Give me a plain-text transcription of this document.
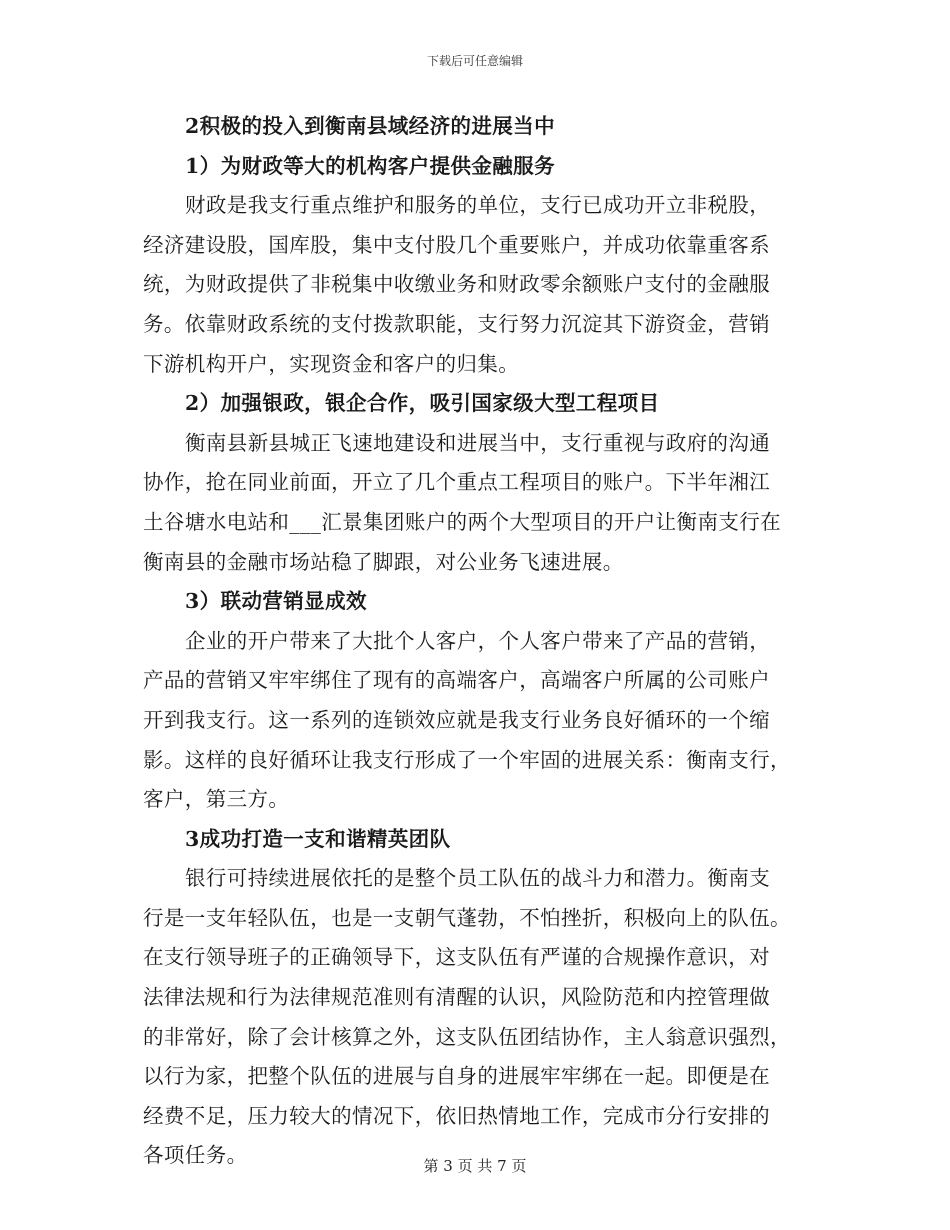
下载后可任意编辑
2积极的投入到衡南县域经济的进展当中
1）为财政等大的机构客户提供金融服务
财政是我支行重点维护和服务的单位，支行已成功开立非税股，
经济建设股，国库股，集中支付股几个重要账户，并成功依靠重客系
统，为财政提供了非税集中收缴业务和财政零余额账户支付的金融服
务。依靠财政系统的支付拨款职能，支行努力沉淀其下游资金，营销
下游机构开户，实现资金和客户的归集。
2）加强银政，银企合作，吸引国家级大型工程项目
衡南县新县城正飞速地建设和进展当中，支行重视与政府的沟通
协作，抢在同业前面，开立了几个重点工程项目的账户。下半年湘江
土谷塘水电站和___汇景集团账户的两个大型项目的开户让衡南支行在
衡南县的金融市场站稳了脚跟，对公业务飞速进展。
3）联动营销显成效
企业的开户带来了大批个人客户，个人客户带来了产品的营销，
产品的营销又牢牢绑住了现有的高端客户，高端客户所属的公司账户
开到我支行。这一系列的连锁效应就是我支行业务良好循环的一个缩
影。这样的良好循环让我支行形成了一个牢固的进展关系：衡南支行，
客户，第三方。
3成功打造一支和谐精英团队
银行可持续进展依托的是整个员工队伍的战斗力和潜力。衡南支
行是一支年轻队伍，也是一支朝气蓬勃，不怕挫折，积极向上的队伍。
在支行领导班子的正确领导下，这支队伍有严谨的合规操作意识，对
法律法规和行为法律规范准则有清醒的认识，风险防范和内控管理做
的非常好，除了会计核算之外，这支队伍团结协作，主人翁意识强烈，
以行为家，把整个队伍的进展与自身的进展牢牢绑在一起。即便是在
经费不足，压力较大的情况下，依旧热情地工作，完成市分行安排的
各项任务。	第 3 页 共 7 页
